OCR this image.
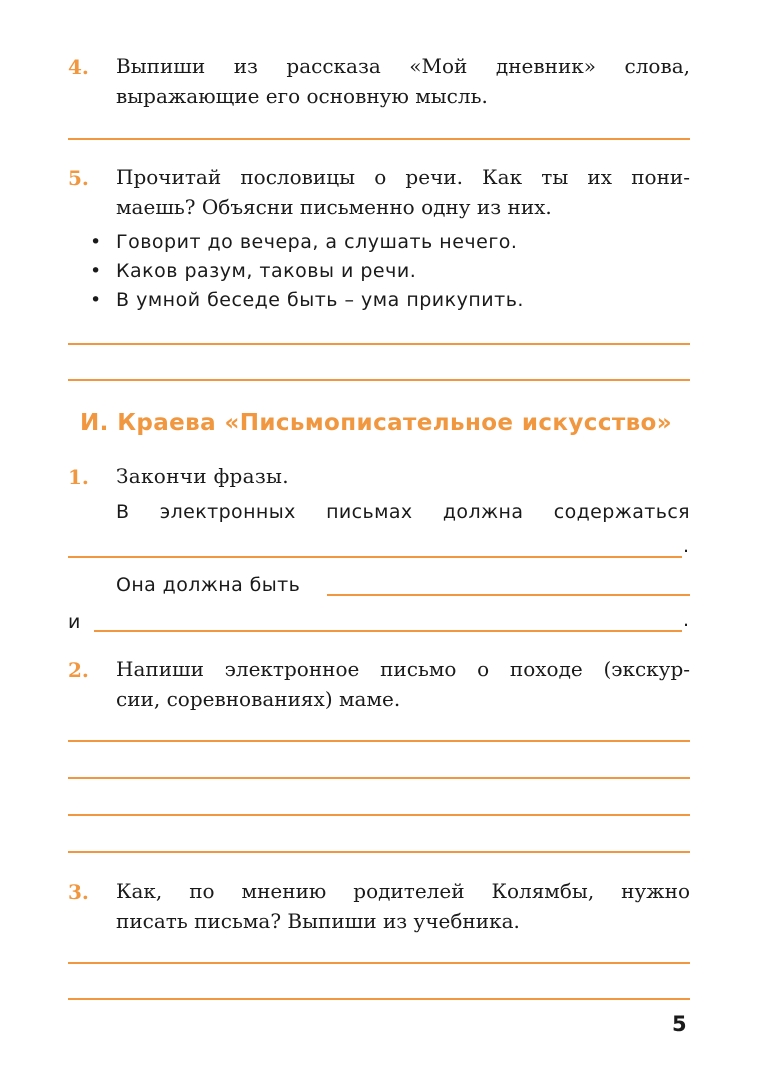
4. Выпиши из рассказа «Мой дневник» слова,
выражающие его основную мысль.
5. Прочитай пословицы о речи. Как ты их пони-
маешь? Объясни письменно одну из них.
• Говорит до вечера, а слушать нечего.
• Каков разум, таковы и речи.
• В умной беседе быть – ума прикупить.
И. Краева «Письмописательное искусство»
1. Закончи фразы.
В электронных письмах должна содержаться
.
Она должна быть
и	.
2. Напиши электронное письмо о походе (экскур-
сии, соревнованиях) маме.
3. Как, по мнению родителей Колямбы, нужно
писать письма? Выпиши из учебника.
5
